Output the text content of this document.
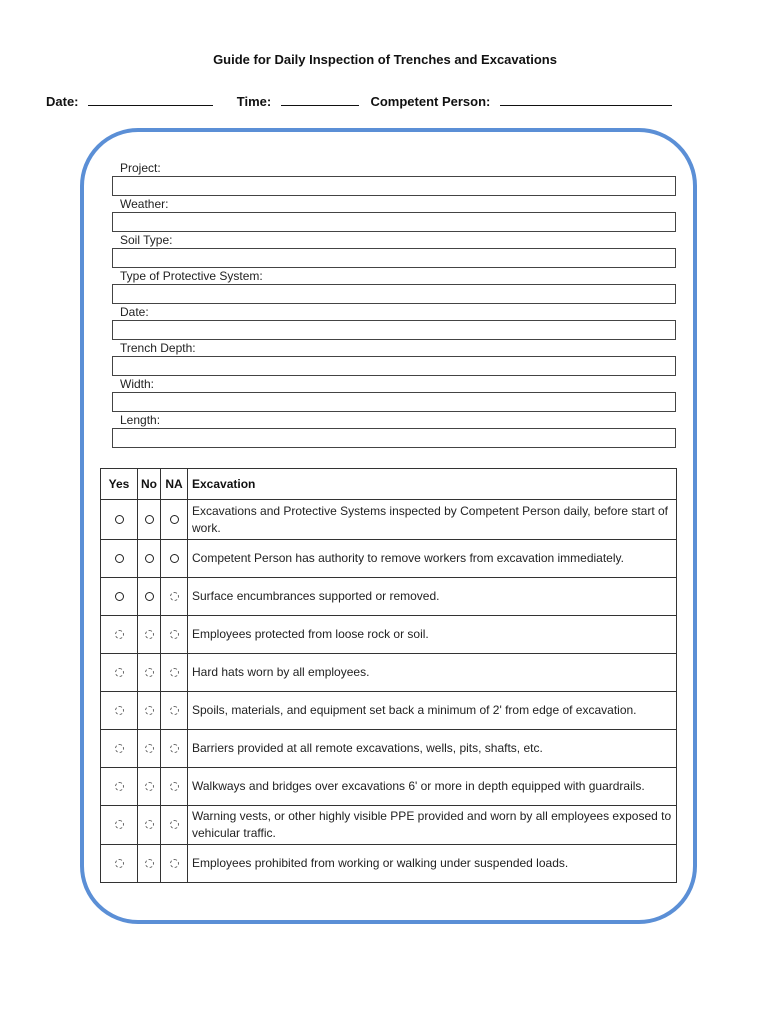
Guide for Daily Inspection of Trenches and Excavations
Date:	Time:	Competent Person:
Project:
Weather:
Soil Type:
Type of Protective System:
Date:
Trench Depth:
Width:
Length:
Yes	No	NA	Excavation
			Excavations and Protective Systems inspected by Competent Person daily, before start of work.
			Competent Person has authority to remove workers from excavation immediately.
			Surface encumbrances supported or removed.
			Employees protected from loose rock or soil.
			Hard hats worn by all employees.
			Spoils, materials, and equipment set back a minimum of 2' from edge of excavation.
			Barriers provided at all remote excavations, wells, pits, shafts, etc.
			Walkways and bridges over excavations 6' or more in depth equipped with guardrails.
			Warning vests, or other highly visible PPE provided and worn by all employees exposed to vehicular traffic.
			Employees prohibited from working or walking under suspended loads.
